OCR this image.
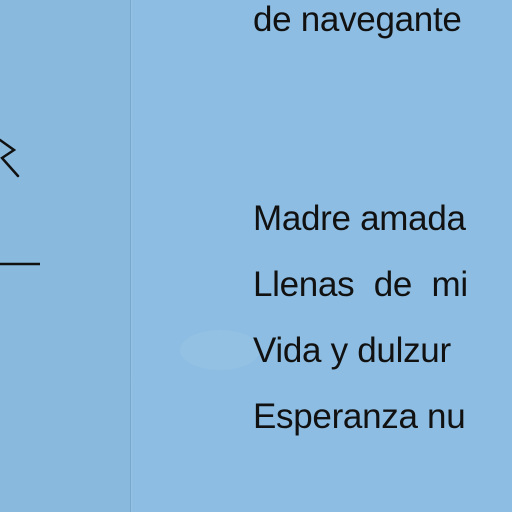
de navegante
Madre amada
Llenas de mi
Vida y dulzur
Esperanza nu
